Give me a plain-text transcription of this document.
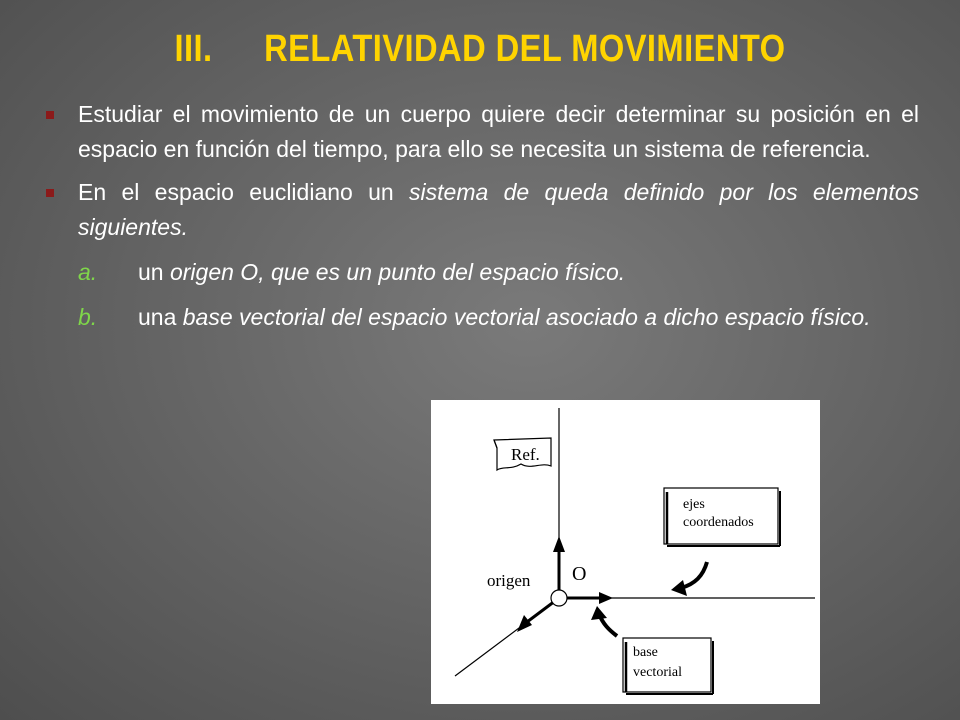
III. RELATIVIDAD DEL MOVIMIENTO
Estudiar el movimiento de un cuerpo quiere decir determinar su posición en el espacio en función del tiempo, para ello se necesita un sistema de referencia.
En el espacio euclidiano un sistema de queda definido por los elementos siguientes.
a. un origen O, que es un punto del espacio físico.
b. una base vectorial del espacio vectorial asociado a dicho espacio físico.
Ref.
O
origen
ejes
coordenados
base
vectorial
